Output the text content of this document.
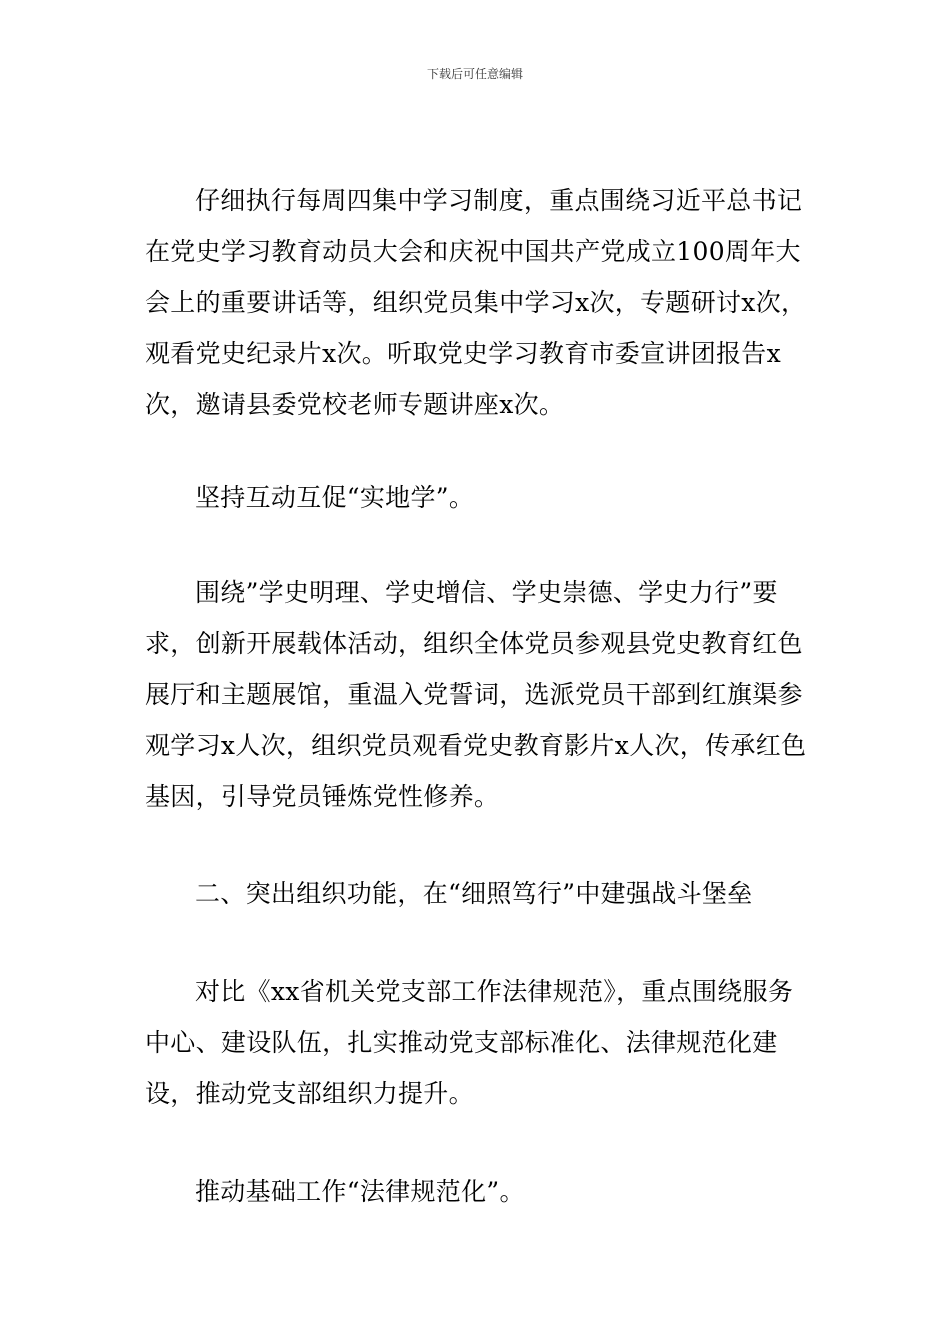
下载后可任意编辑

仔细执行每周四集中学习制度，重点围绕习近平总书记在党史学习教育动员大会和庆祝中国共产党成立100周年大会上的重要讲话等，组织党员集中学习x次，专题研讨x次，观看党史纪录片x次。听取党史学习教育市委宣讲团报告x次，邀请县委党校老师专题讲座x次。

坚持互动互促“实地学”。

围绕”学史明理、学史增信、学史崇德、学史力行”要求，创新开展载体活动，组织全体党员参观县党史教育红色展厅和主题展馆，重温入党誓词，选派党员干部到红旗渠参观学习x人次，组织党员观看党史教育影片x人次，传承红色基因，引导党员锤炼党性修养。

二、突出组织功能，在“细照笃行”中建强战斗堡垒

对比《xx省机关党支部工作法律规范》，重点围绕服务中心、建设队伍，扎实推动党支部标准化、法律规范化建设，推动党支部组织力提升。

推动基础工作“法律规范化”。
